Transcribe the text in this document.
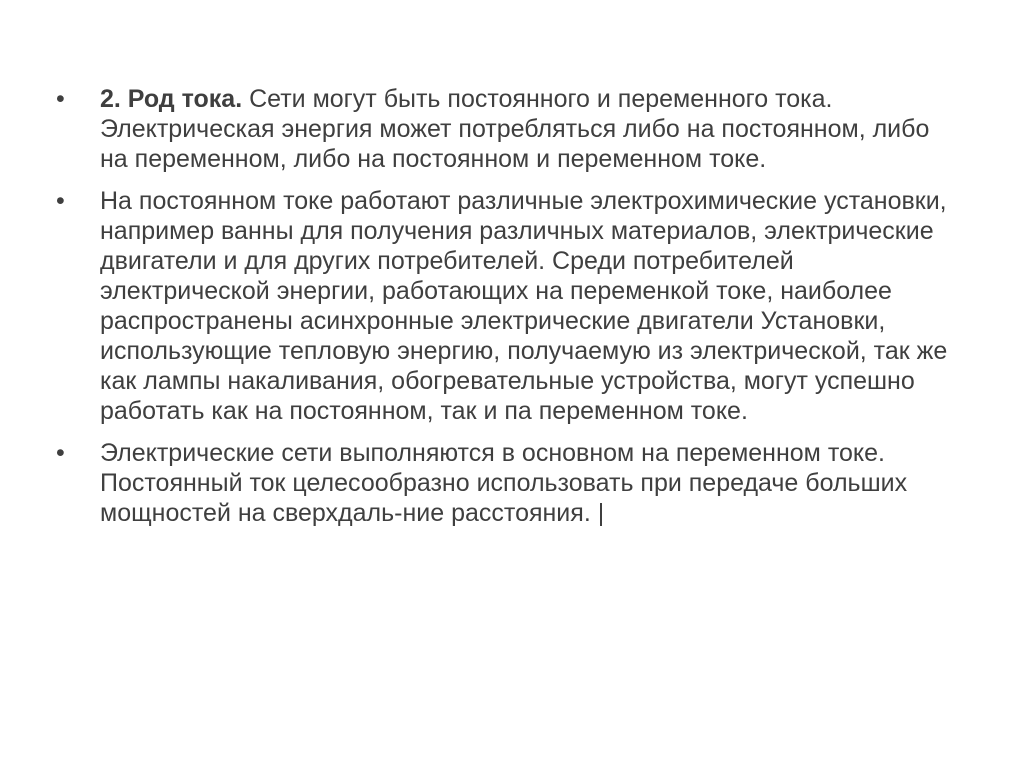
•	2. Род тока. Сети могут быть постоянного и переменного тока. Электрическая энергия может потребляться либо на постоянном, либо на переменном, либо на постоянном и переменном токе.
•	На постоянном токе работают различные электрохимические установки, например ванны для получения различных материалов, электрические двигатели и для других потребителей. Среди потребителей электрической энергии, работающих на переменкой токе, наиболее распространены асинхронные электрические двигатели Установки, использующие тепловую энергию, получаемую из электрической, так же как лампы накаливания, обогревательные устройства, могут успешно работать как на постоянном, так и па переменном токе.
•	Электрические сети выполняются в основном на переменном токе. Постоянный ток целесообразно использовать при передаче больших мощностей на сверхдаль-ние расстояния. |
